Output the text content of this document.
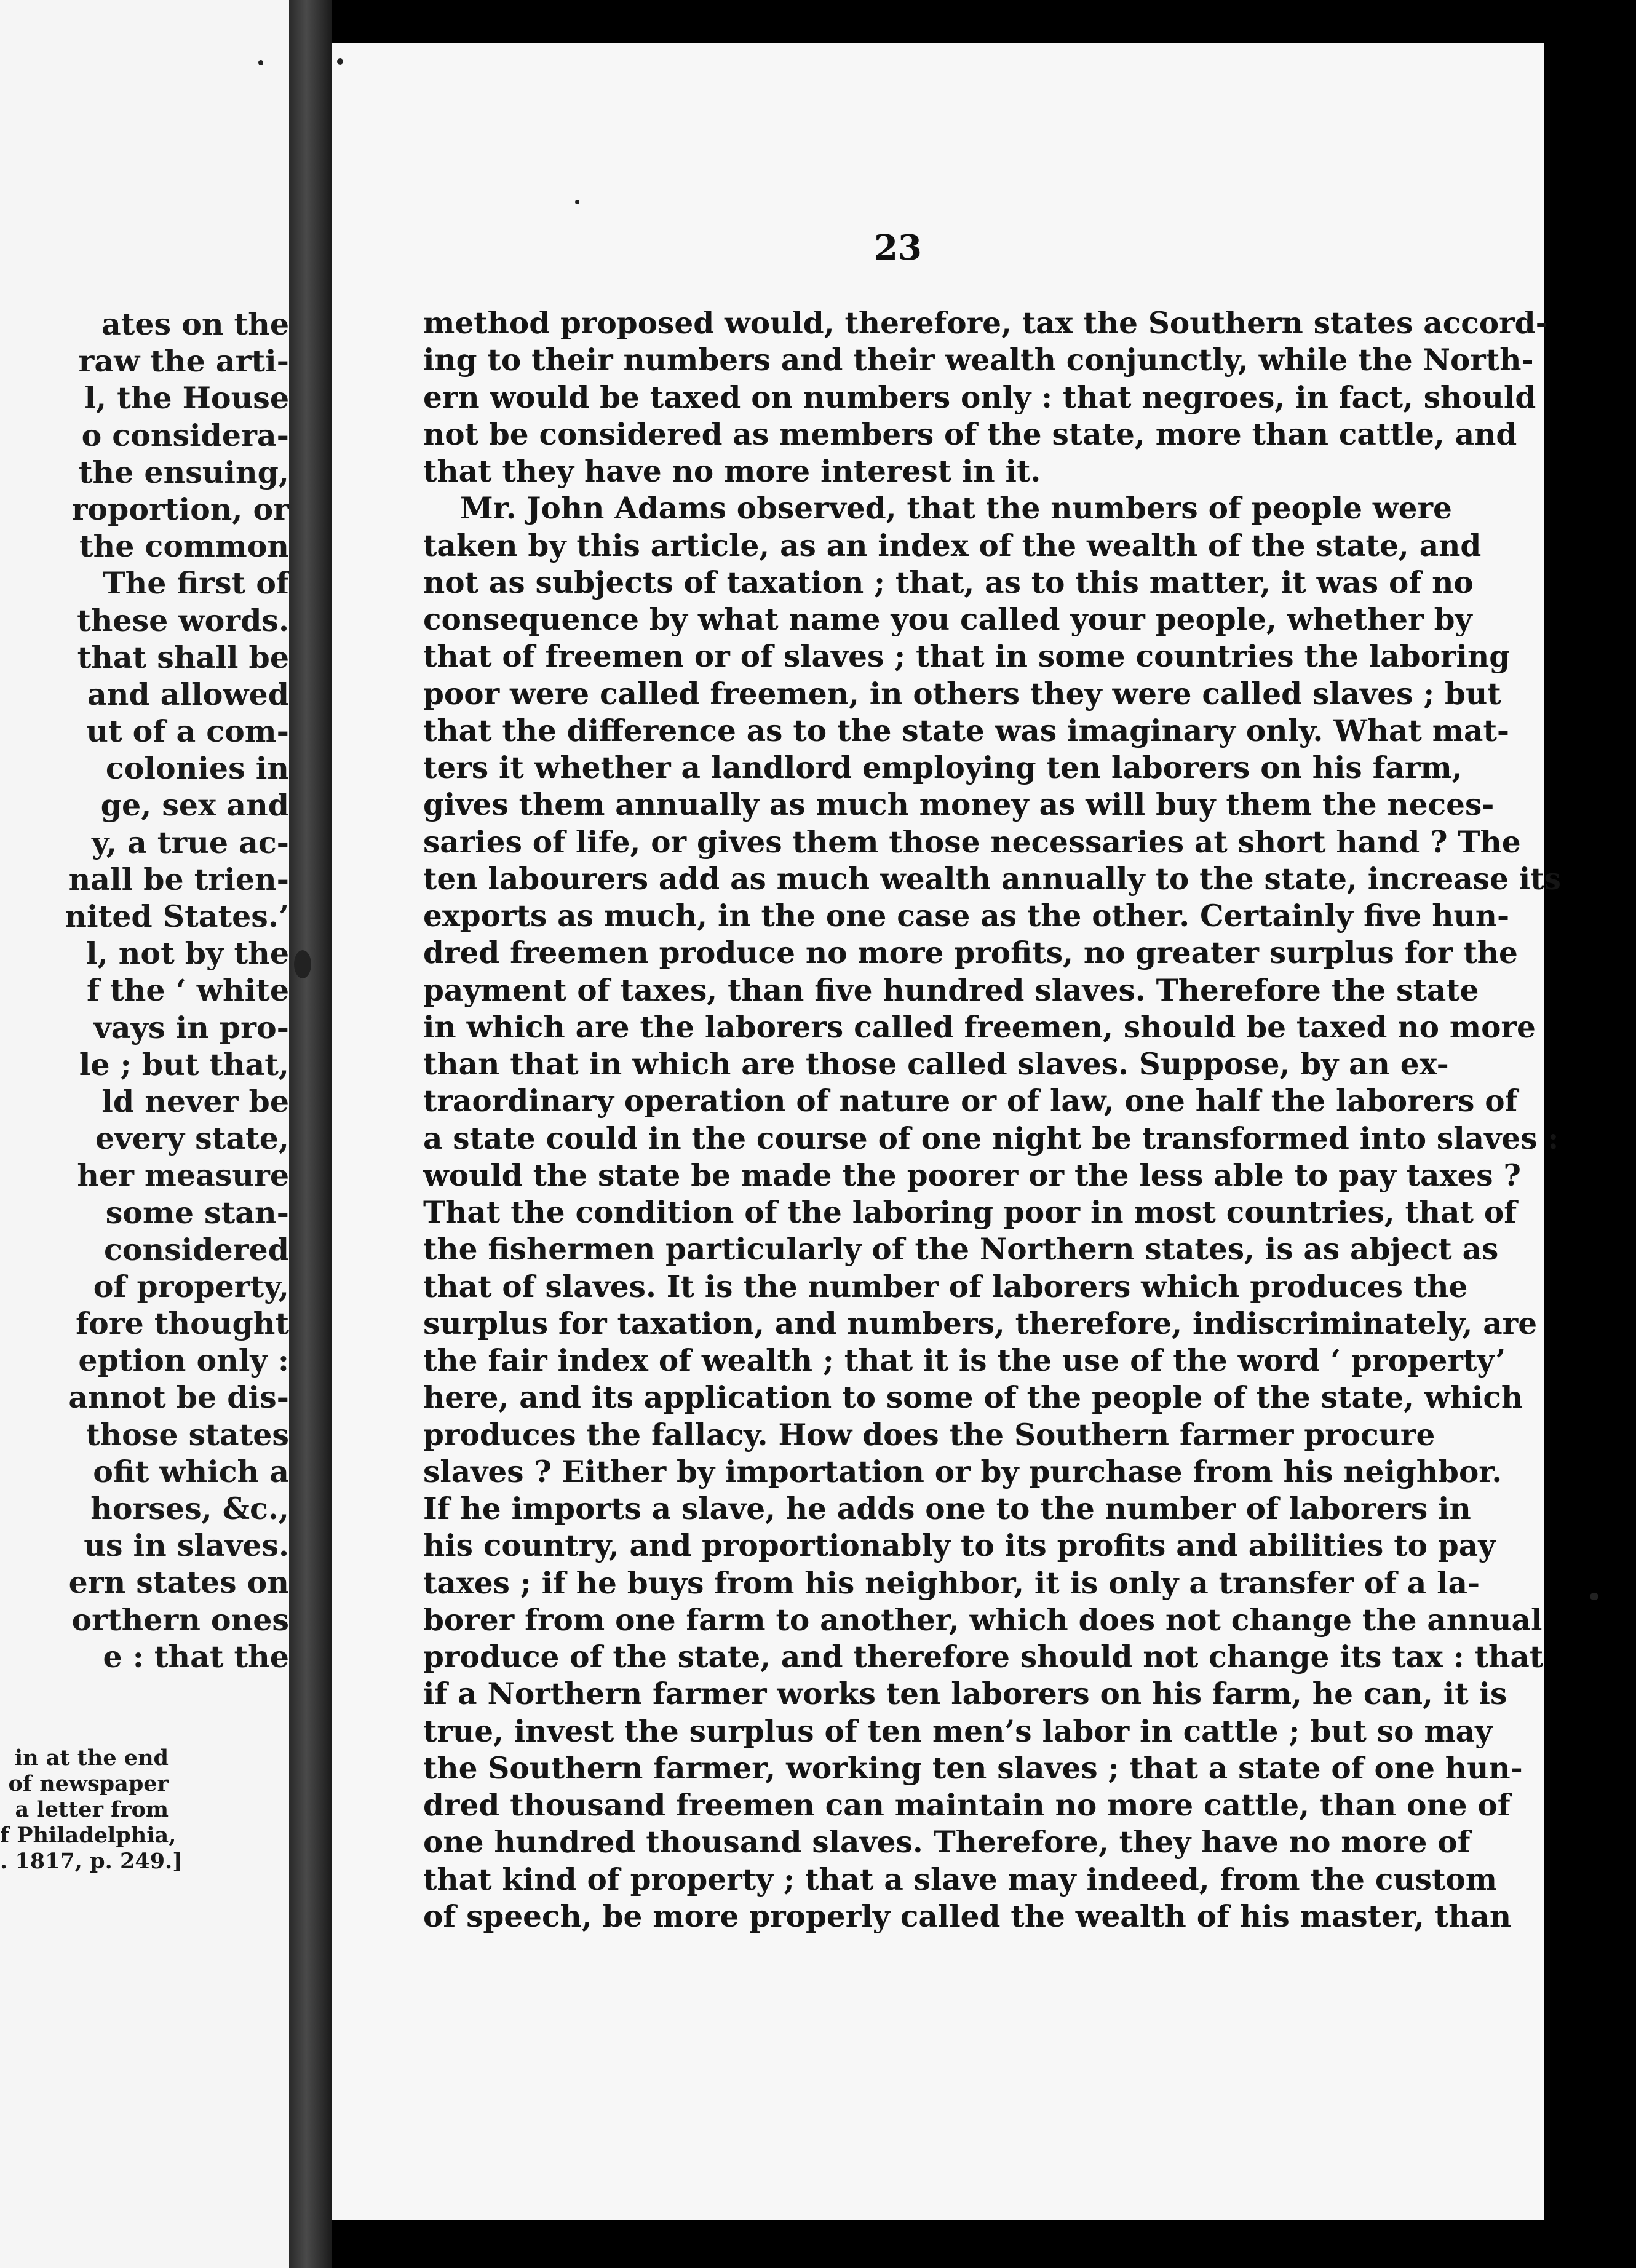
ates on the
raw the arti-
l, the House
o considera-
the ensuing,
roportion, or
the common
The first of
these words.
that shall be
and allowed
ut of a com-
colonies in
ge, sex and
y, a true ac-
nall be trien-
nited States.’
l, not by the
f the ‘ white
vays in pro-
le ; but that,
ld never be
every state,
her measure
some stan-
considered
of property,
fore thought
eption only :
annot be dis-
those states
ofit which a
horses, &c.,
us in slaves.
ern states on
orthern ones
e : that the
in at the end
of newspaper
a letter from
f Philadelphia,
. 1817, p. 249.]
23
method proposed would, therefore, tax the Southern states accord-
ing to their numbers and their wealth conjunctly, while the North-
ern would be taxed on numbers only : that negroes, in fact, should
not be considered as members of the state, more than cattle, and
that they have no more interest in it.
Mr. John Adams observed, that the numbers of people were
taken by this article, as an index of the wealth of the state, and
not as subjects of taxation ; that, as to this matter, it was of no
consequence by what name you called your people, whether by
that of freemen or of slaves ; that in some countries the laboring
poor were called freemen, in others they were called slaves ; but
that the difference as to the state was imaginary only. What mat-
ters it whether a landlord employing ten laborers on his farm,
gives them annually as much money as will buy them the neces-
saries of life, or gives them those necessaries at short hand ? The
ten labourers add as much wealth annually to the state, increase its
exports as much, in the one case as the other. Certainly five hun-
dred freemen produce no more profits, no greater surplus for the
payment of taxes, than five hundred slaves. Therefore the state
in which are the laborers called freemen, should be taxed no more
than that in which are those called slaves. Suppose, by an ex-
traordinary operation of nature or of law, one half the laborers of
a state could in the course of one night be transformed into slaves :
would the state be made the poorer or the less able to pay taxes ?
That the condition of the laboring poor in most countries, that of
the fishermen particularly of the Northern states, is as abject as
that of slaves. It is the number of laborers which produces the
surplus for taxation, and numbers, therefore, indiscriminately, are
the fair index of wealth ; that it is the use of the word ‘ property’
here, and its application to some of the people of the state, which
produces the fallacy. How does the Southern farmer procure
slaves ? Either by importation or by purchase from his neighbor.
If he imports a slave, he adds one to the number of laborers in
his country, and proportionably to its profits and abilities to pay
taxes ; if he buys from his neighbor, it is only a transfer of a la-
borer from one farm to another, which does not change the annual
produce of the state, and therefore should not change its tax : that
if a Northern farmer works ten laborers on his farm, he can, it is
true, invest the surplus of ten men’s labor in cattle ; but so may
the Southern farmer, working ten slaves ; that a state of one hun-
dred thousand freemen can maintain no more cattle, than one of
one hundred thousand slaves. Therefore, they have no more of
that kind of property ; that a slave may indeed, from the custom
of speech, be more properly called the wealth of his master, than
